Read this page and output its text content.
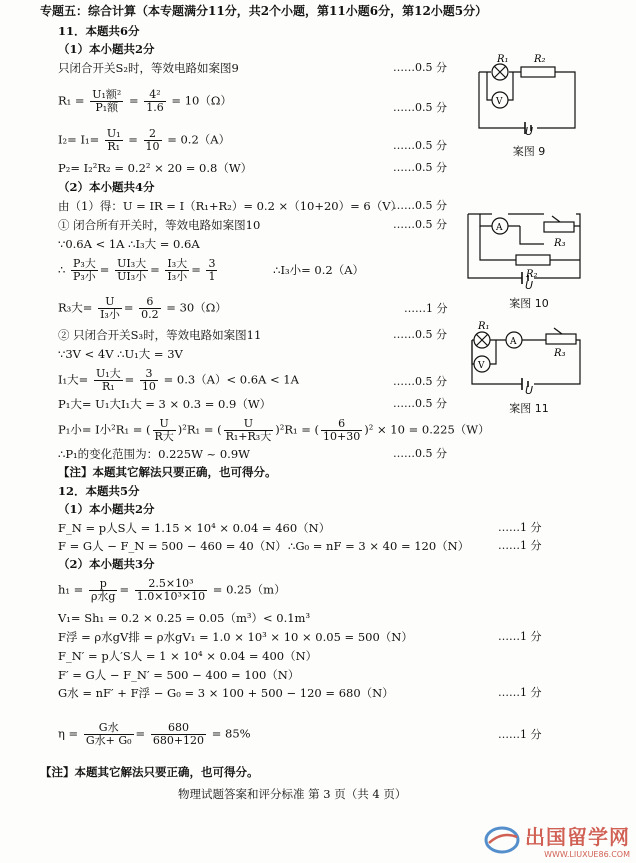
专题五：综合计算（本专题满分11分，共2个小题，第11小题6分，第12小题5分）
11．本题共6分
（1）本小题共2分
只闭合开关S₂时，等效电路如案图9	……0.5 分
$R_1 = \frac{\text{U₁额²}}{\text{P₁额}} = \frac{\text{4²}}{1.6} = 10(\Omega)$	……0.5 分
$I_2= I_1= \frac{\text{U₁}}{\text{R₁}} = \frac{2}{10} = 0.2(A)$	……0.5 分
P₂= I₂²R₂ = 0.2² × 20 = 0.8（W）	……0.5 分
（2）本小题共4分
由（1）得：U = IR = I（R₁+R₂）= 0.2 ×（10+20）= 6（V）
……0.5 分
① 闭合所有开关时，等效电路如案图10	……0.5 分
∵0.6A < 1A ∴I₃大 = 0.6A
∴ $\frac{\text{P₃大}}{\text{P₃小}} = \frac{\text{UI₃大}}{\text{UI₃小}} = \frac{\text{I₃大}}{\text{I₃小}} = \frac{3}{1}$	∴I₃小= 0.2（A）
R₃大= $\frac{U}{\text{I₃小}} = \frac{6}{0.2} = 30(\Omega)$	……1 分
② 只闭合开关S₃时，等效电路如案图11	……0.5 分
∵3V < 4V ∴U₁大 = 3V
I₁大= $\frac{\text{U₁大}}{\text{R₁}} = \frac{3}{10} = 0.3(A)< 0.6A < 1A$	……0.5 分
P₁大= U₁大I₁大 = 3 × 0.3 = 0.9（W）	……0.5 分
P₁小= I小²R₁ = ( $\frac{U}{\text{R大}} )^2R_1$ = ( $\frac{U}{\text{R₁+R₃大}} )^2R_1$ = ( $\frac{6}{10+30} )^2 \times 10 = 0.225(W)$
……0.5 分
∴P₁的变化范围为：0.225W ~ 0.9W
【注】本题其它解法只要正确，也可得分。
12．本题共5分
（1）本小题共2分
F_N = p人S人 = 1.15 × 10⁴ × 0.04 = 460（N）	……1 分
F = G人 − F_N = 500 − 460 = 40（N） ∴G₀ = nF = 3 × 40 = 120（N）	……1 分
（2）本小题共3分
$h_1 = \frac{p}{\text{ρ水g}} = \frac{\text{2.5×10³}}{\text{1.0×10³×10}} = 0.25(m)$
V₁= Sh₁ = 0.2 × 0.25 = 0.05（m³）< 0.1m³
F浮 = ρ水gV排 = ρ水gV₁ = 1.0 × 10³ × 10 × 0.05 = 500（N）	……1 分
F_N′ = p人′S人 = 1 × 10⁴ × 0.04 = 400（N）
F′ = G人 − F_N′ = 500 − 400 = 100（N）
G水 = nF′ + F浮 − G₀ = 3 × 100 + 500 − 120 = 680（N）	……1 分
$\eta = \frac{\text{G水}}{\text{G水+ G₀}} = \frac{680}{680+120} = 85\%$	……1 分
【注】本题其它解法只要正确，也可得分。
物理试题答案和评分标准 第 3 页（共 4 页）
R₁	R₂
V
U
案图 9
A
R₃
R₂
U
案图 10
R₁
A
V
R₃
U
案图 11
出国留学网
WWW.LIUXUE86.COM
